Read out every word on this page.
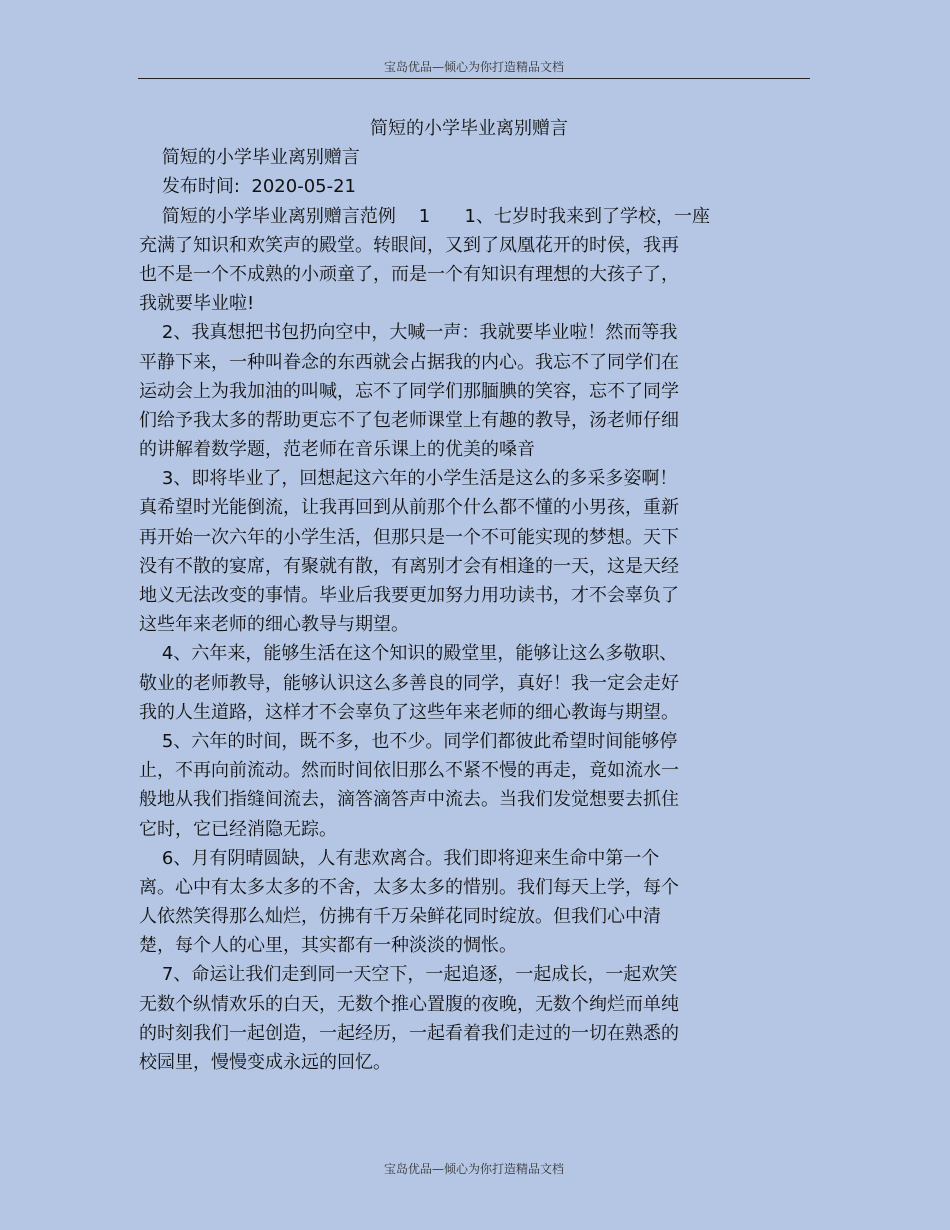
宝岛优品—倾心为你打造精品文档
简短的小学毕业离别赠言
简短的小学毕业离别赠言
发布时间:  2020-05-21
简短的小学毕业离别赠言范例    1      1、七岁时我来到了学校，一座
充满了知识和欢笑声的殿堂。转眼间，又到了凤凰花开的时侯，我再
也不是一个不成熟的小顽童了，而是一个有知识有理想的大孩子了，
我就要毕业啦!
2、我真想把书包扔向空中，大喊一声：我就要毕业啦！然而等我
平静下来，一种叫眷念的东西就会占据我的内心。我忘不了同学们在
运动会上为我加油的叫喊，忘不了同学们那腼腆的笑容，忘不了同学
们给予我太多的帮助更忘不了包老师课堂上有趣的教导，汤老师仔细
的讲解着数学题，范老师在音乐课上的优美的嗓音
3、即将毕业了，回想起这六年的小学生活是这么的多采多姿啊！
真希望时光能倒流，让我再回到从前那个什么都不懂的小男孩，重新
再开始一次六年的小学生活，但那只是一个不可能实现的梦想。天下
没有不散的宴席，有聚就有散，有离别才会有相逢的一天，这是天经
地义无法改变的事情。毕业后我要更加努力用功读书，才不会辜负了
这些年来老师的细心教导与期望。
4、六年来，能够生活在这个知识的殿堂里，能够让这么多敬职、
敬业的老师教导，能够认识这么多善良的同学，真好！我一定会走好
我的人生道路，这样才不会辜负了这些年来老师的细心教诲与期望。
5、六年的时间，既不多，也不少。同学们都彼此希望时间能够停
止，不再向前流动。然而时间依旧那么不紧不慢的再走，竟如流水一
般地从我们指缝间流去，滴答滴答声中流去。当我们发觉想要去抓住
它时，它已经消隐无踪。
6、月有阴晴圆缺，人有悲欢离合。我们即将迎来生命中第一个
离。心中有太多太多的不舍，太多太多的惜别。我们每天上学，每个
人依然笑得那么灿烂，仿拂有千万朵鲜花同时绽放。但我们心中清
楚，每个人的心里，其实都有一种淡淡的惆怅。
7、命运让我们走到同一天空下，一起追逐，一起成长，一起欢笑
无数个纵情欢乐的白天，无数个推心置腹的夜晚，无数个绚烂而单纯
的时刻我们一起创造，一起经历，一起看着我们走过的一切在熟悉的
校园里，慢慢变成永远的回忆。
宝岛优品—倾心为你打造精品文档
